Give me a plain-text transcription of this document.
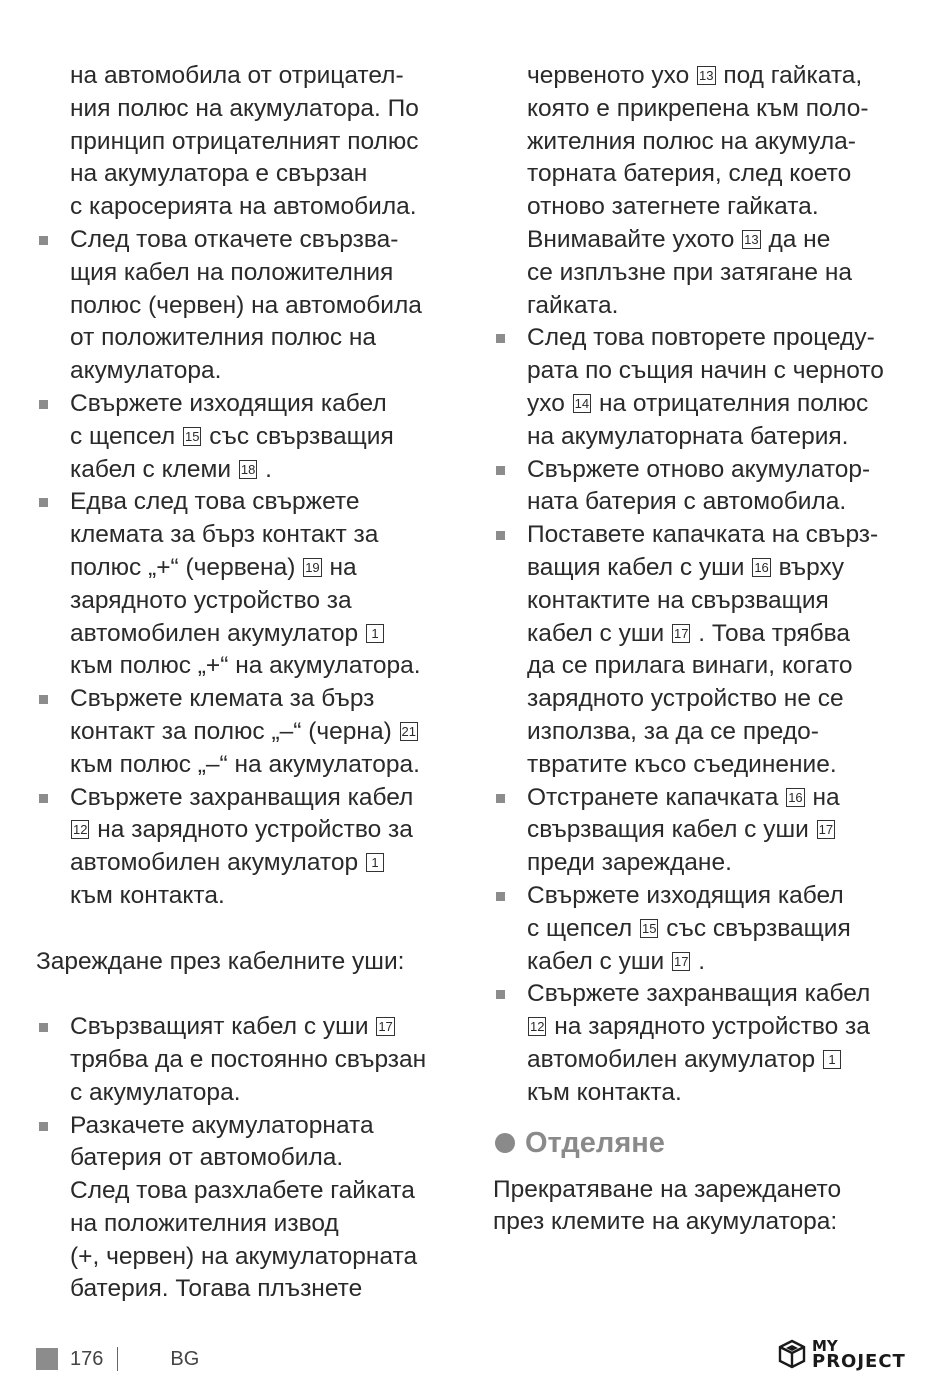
на автомобила от отрицател-
ния полюс на акумулатора. По
принцип отрицателният полюс
на акумулатора е свързан
с каросерията на автомобила.
След това откачете свързва-
щия кабел на положителния
полюс (червен) на автомобила
от положителния полюс на
акумулатора.
Свържете изходящия кабел
с щепсел 15 със свързващия
кабел с клеми 18 .
Едва след това свържете
клемата за бърз контакт за
полюс „+“ (червена) 19 на
зарядното устройство за
автомобилен акумулатор 1
към полюс „+“ на акумулатора.
Свържете клемата за бърз
контакт за полюс „–“ (черна) 21
към полюс „–“ на акумулатора.
Свържете захранващия кабел
12 на зарядното устройство за
автомобилен акумулатор 1
към контакта.
Зареждане през кабелните уши:
Свързващият кабел с уши 17
трябва да е постоянно свързан
с акумулатора.
Разкачете акумулаторната
батерия от автомобила.
След това разхлабете гайката
на положителния извод
(+, червен) на акумулаторната
батерия. Тогава плъзнете
червеното ухо 13 под гайката,
която е прикрепена към поло-
жителния полюс на акумула-
торната батерия, след което
отново затегнете гайката.
Внимавайте ухото 13 да не
се изплъзне при затягане на
гайката.
След това повторете процеду-
рата по същия начин с черното
ухо 14 на отрицателния полюс
на акумулаторната батерия.
Свържете отново акумулатор-
ната батерия с автомобила.
Поставете капачката на свърз-
ващия кабел с уши 16 върху
контактите на свързващия
кабел с уши 17 . Това трябва
да се прилага винаги, когато
зарядното устройство не се
използва, за да се предо-
твратите късо съединение.
Отстранете капачката 16 на
свързващия кабел с уши 17
преди зареждане.
Свържете изходящия кабел
с щепсел 15 със свързващия
кабел с уши 17 .
Свържете захранващия кабел
12 на зарядното устройство за
автомобилен акумулатор 1
към контакта.
Отделяне
Прекратяване на зареждането
през клемите на акумулатора:
176	BG
MY
PROJECT
